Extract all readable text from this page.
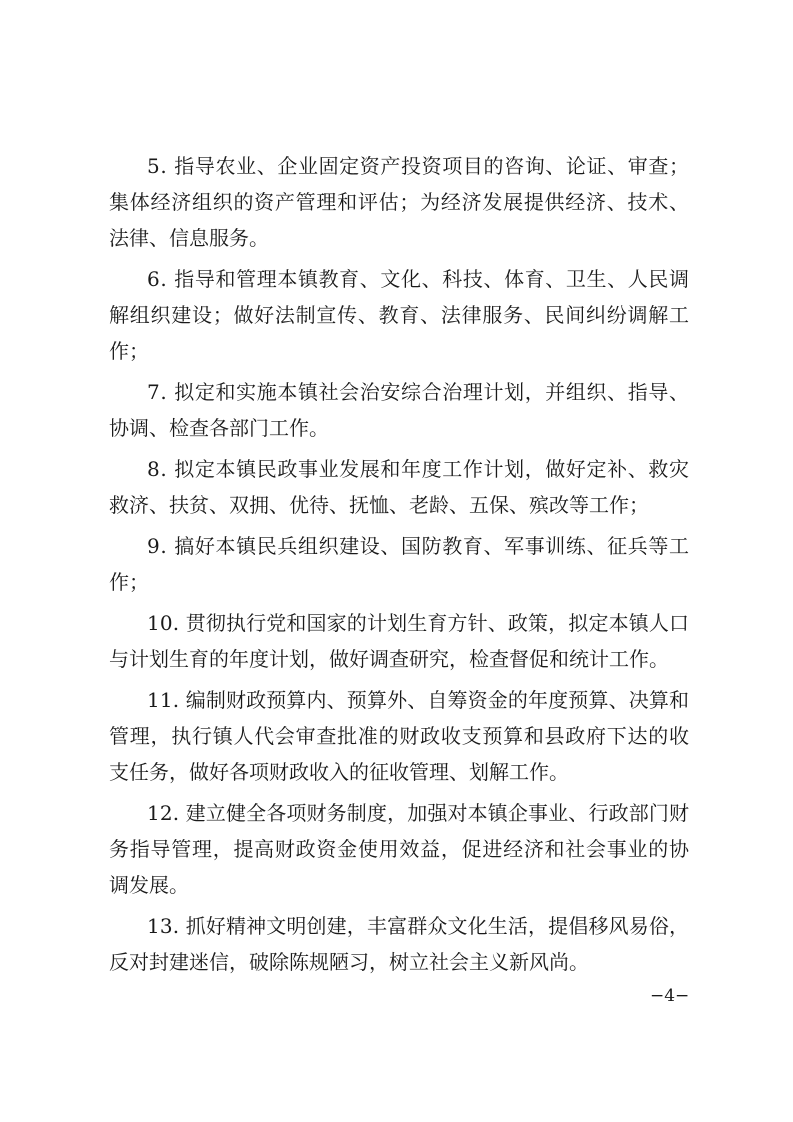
5. 指导农业、企业固定资产投资项目的咨询、论证、审查；
集体经济组织的资产管理和评估；为经济发展提供经济、技术、
法律、信息服务。
6. 指导和管理本镇教育、文化、科技、体育、卫生、人民调
解组织建设；做好法制宣传、教育、法律服务、民间纠纷调解工
作；
7. 拟定和实施本镇社会治安综合治理计划，并组织、指导、
协调、检查各部门工作。
8. 拟定本镇民政事业发展和年度工作计划，做好定补、救灾
救济、扶贫、双拥、优待、抚恤、老龄、五保、殡改等工作；
9. 搞好本镇民兵组织建设、国防教育、军事训练、征兵等工
作；
10. 贯彻执行党和国家的计划生育方针、政策，拟定本镇人口
与计划生育的年度计划，做好调查研究，检查督促和统计工作。
11. 编制财政预算内、预算外、自筹资金的年度预算、决算和
管理，执行镇人代会审查批准的财政收支预算和县政府下达的收
支任务，做好各项财政收入的征收管理、划解工作。
12. 建立健全各项财务制度，加强对本镇企事业、行政部门财
务指导管理，提高财政资金使用效益，促进经济和社会事业的协
调发展。
13. 抓好精神文明创建，丰富群众文化生活，提倡移风易俗，
反对封建迷信，破除陈规陋习，树立社会主义新风尚。
−4−
